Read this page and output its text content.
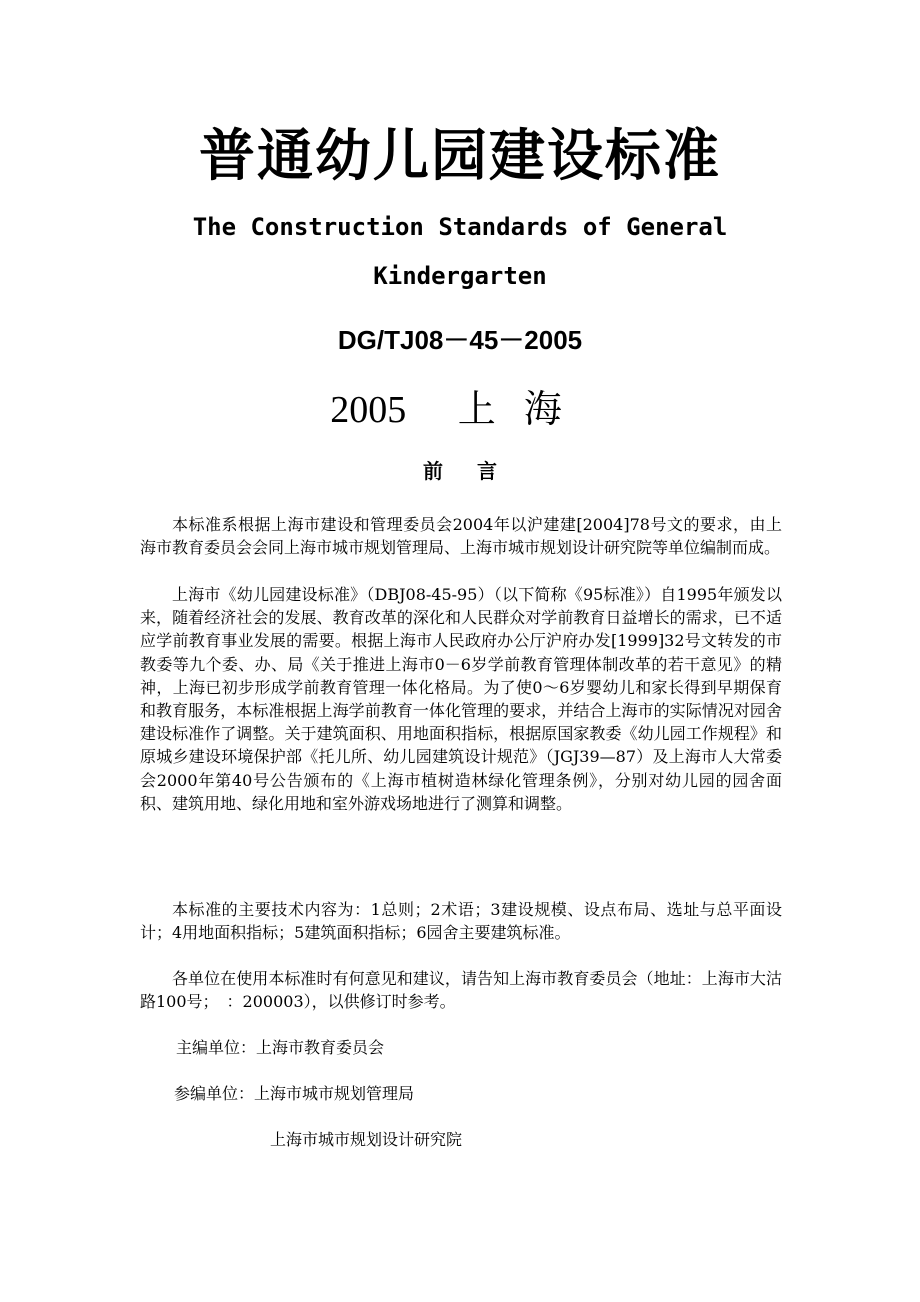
普通幼儿园建设标准
The Construction Standards of General
Kindergarten
DG/TJ08－45－2005
2005 上海
前言

本标准系根据上海市建设和管理委员会2004年以沪建建[2004]78号文的要求，由上海市教育委员会会同上海市城市规划管理局、上海市城市规划设计研究院等单位编制而成。

上海市《幼儿园建设标准》（DBJ08-45-95）（以下简称《95标准》）自1995年颁发以来，随着经济社会的发展、教育改革的深化和人民群众对学前教育日益增长的需求，已不适应学前教育事业发展的需要。根据上海市人民政府办公厅沪府办发[1999]32号文转发的市教委等九个委、办、局《关于推进上海市0－6岁学前教育管理体制改革的若干意见》的精神，上海已初步形成学前教育管理一体化格局。为了使0～6岁婴幼儿和家长得到早期保育和教育服务，本标准根据上海学前教育一体化管理的要求，并结合上海市的实际情况对园舍建设标准作了调整。关于建筑面积、用地面积指标，根据原国家教委《幼儿园工作规程》和原城乡建设环境保护部《托儿所、幼儿园建筑设计规范》（JGJ39—87）及上海市人大常委会2000年第40号公告颁布的《上海市植树造林绿化管理条例》，分别对幼儿园的园舍面积、建筑用地、绿化用地和室外游戏场地进行了测算和调整。

本标准的主要技术内容为：1总则；2术语；3建设规模、设点布局、选址与总平面设计；4用地面积指标；5建筑面积指标；6园舍主要建筑标准。

各单位在使用本标准时有何意见和建议，请告知上海市教育委员会（地址：上海市大沽路100号；　：200003），以供修订时参考。

主编单位：上海市教育委员会
参编单位：上海市城市规划管理局
上海市城市规划设计研究院
